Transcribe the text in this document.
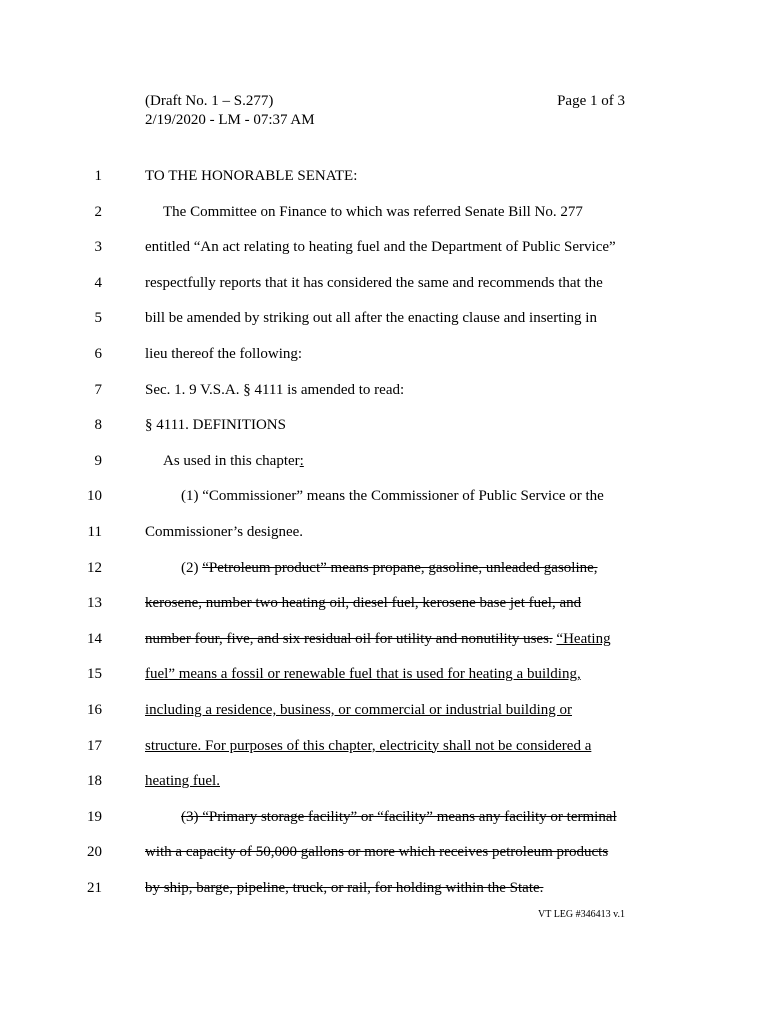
(Draft No. 1 – S.277)
2/19/2020 - LM - 07:37 AM
Page 1 of 3
1	TO THE HONORABLE SENATE:
2	The Committee on Finance to which was referred Senate Bill No. 277
3	entitled “An act relating to heating fuel and the Department of Public Service”
4	respectfully reports that it has considered the same and recommends that the
5	bill be amended by striking out all after the enacting clause and inserting in
6	lieu thereof the following:
7	Sec. 1. 9 V.S.A. § 4111 is amended to read:
8	§ 4111. DEFINITIONS
9	As used in this chapter:
10	(1) “Commissioner” means the Commissioner of Public Service or the
11	Commissioner’s designee.
12	(2) “Petroleum product” means propane, gasoline, unleaded gasoline,
13	kerosene, number two heating oil, diesel fuel, kerosene base jet fuel, and
14	number four, five, and six residual oil for utility and nonutility uses. “Heating
15	fuel” means a fossil or renewable fuel that is used for heating a building,
16	including a residence, business, or commercial or industrial building or
17	structure. For purposes of this chapter, electricity shall not be considered a
18	heating fuel.
19	(3) “Primary storage facility” or “facility” means any facility or terminal
20	with a capacity of 50,000 gallons or more which receives petroleum products
21	by ship, barge, pipeline, truck, or rail, for holding within the State.
VT LEG #346413 v.1
